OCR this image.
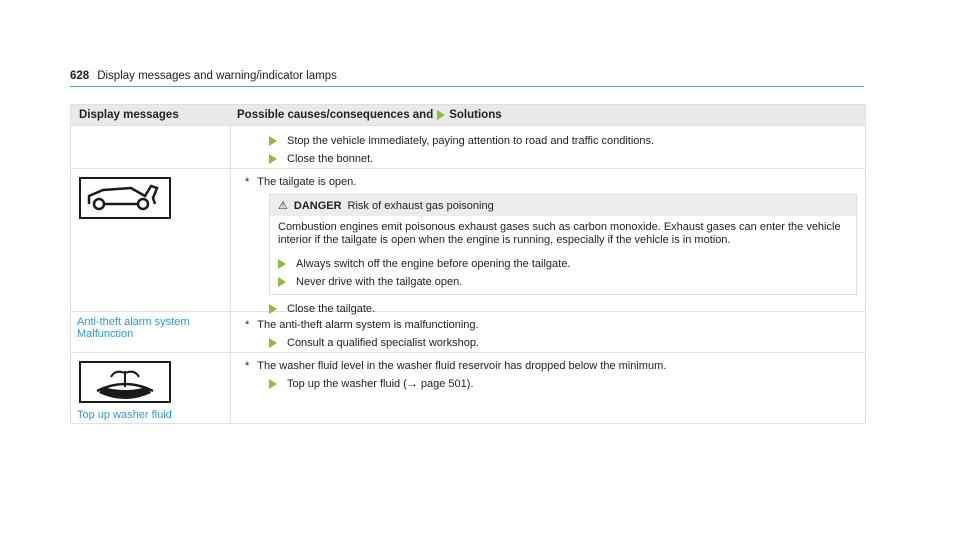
628 Display messages and warning/indicator lamps
Display messages	Possible causes/consequences and Solutions
Stop the vehicle immediately, paying attention to road and traffic conditions.
Close the bonnet.
* The tailgate is open.
⚠ DANGER Risk of exhaust gas poisoning
Combustion engines emit poisonous exhaust gases such as carbon monoxide. Exhaust gases can enter the vehicle interior if the tailgate is open when the engine is running, especially if the vehicle is in motion.
Always switch off the engine before opening the tailgate.
Never drive with the tailgate open.
Close the tailgate.
Anti-theft alarm system
Malfunction
* The anti-theft alarm system is malfunctioning.
Consult a qualified specialist workshop.
Top up washer fluid
* The washer fluid level in the washer fluid reservoir has dropped below the minimum.
Top up the washer fluid (→ page 501).
